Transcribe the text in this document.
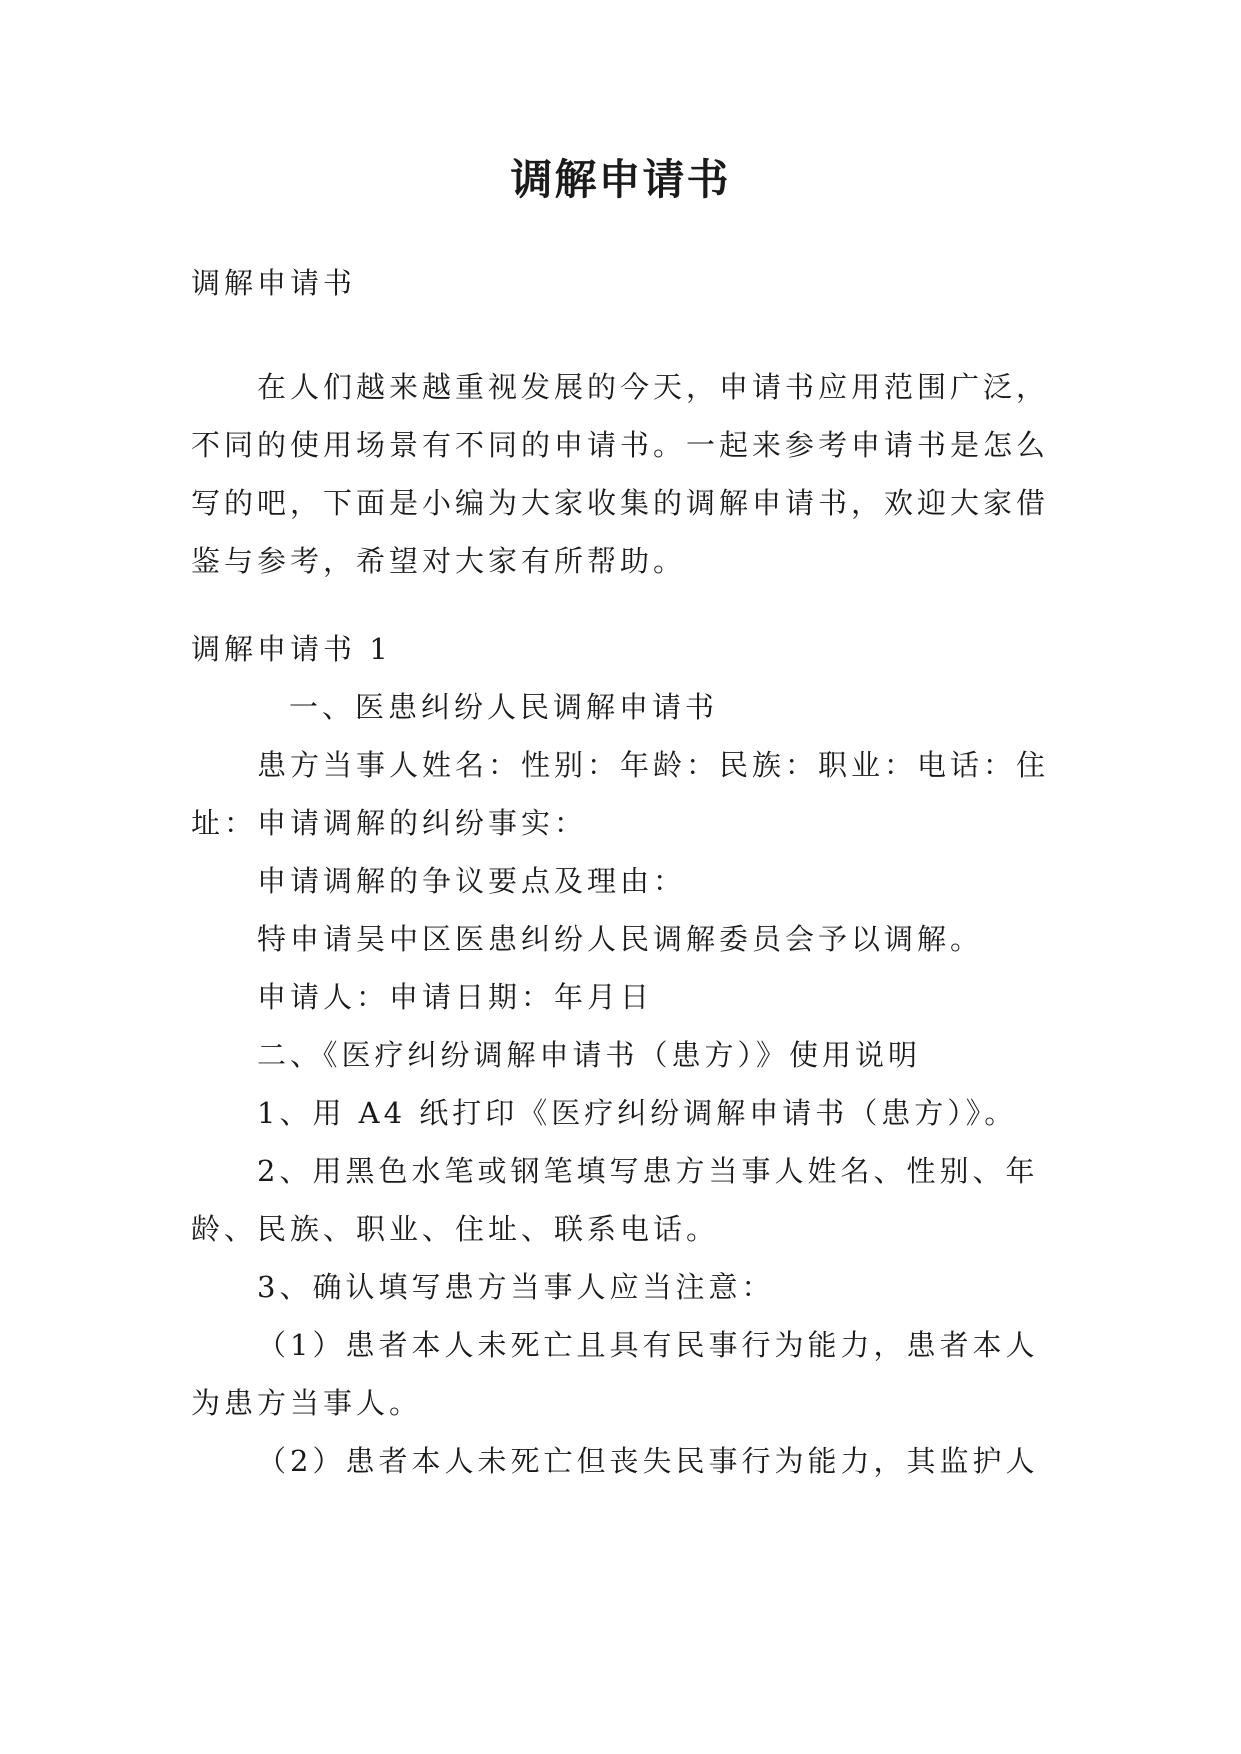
调解申请书
调解申请书
在人们越来越重视发展的今天，申请书应用范围广泛，
不同的使用场景有不同的申请书。一起来参考申请书是怎么
写的吧，下面是小编为大家收集的调解申请书，欢迎大家借
鉴与参考，希望对大家有所帮助。
调解申请书 1
一、医患纠纷人民调解申请书
患方当事人姓名：性别：年龄：民族：职业：电话：住
址：申请调解的纠纷事实：
申请调解的争议要点及理由：
特申请吴中区医患纠纷人民调解委员会予以调解。
申请人：申请日期：年月日
二、《医疗纠纷调解申请书（患方）》使用说明
1、用 A4 纸打印《医疗纠纷调解申请书（患方）》。
2、用黑色水笔或钢笔填写患方当事人姓名、性别、年
龄、民族、职业、住址、联系电话。
3、确认填写患方当事人应当注意：
（1）患者本人未死亡且具有民事行为能力，患者本人
为患方当事人。
（2）患者本人未死亡但丧失民事行为能力，其监护人
